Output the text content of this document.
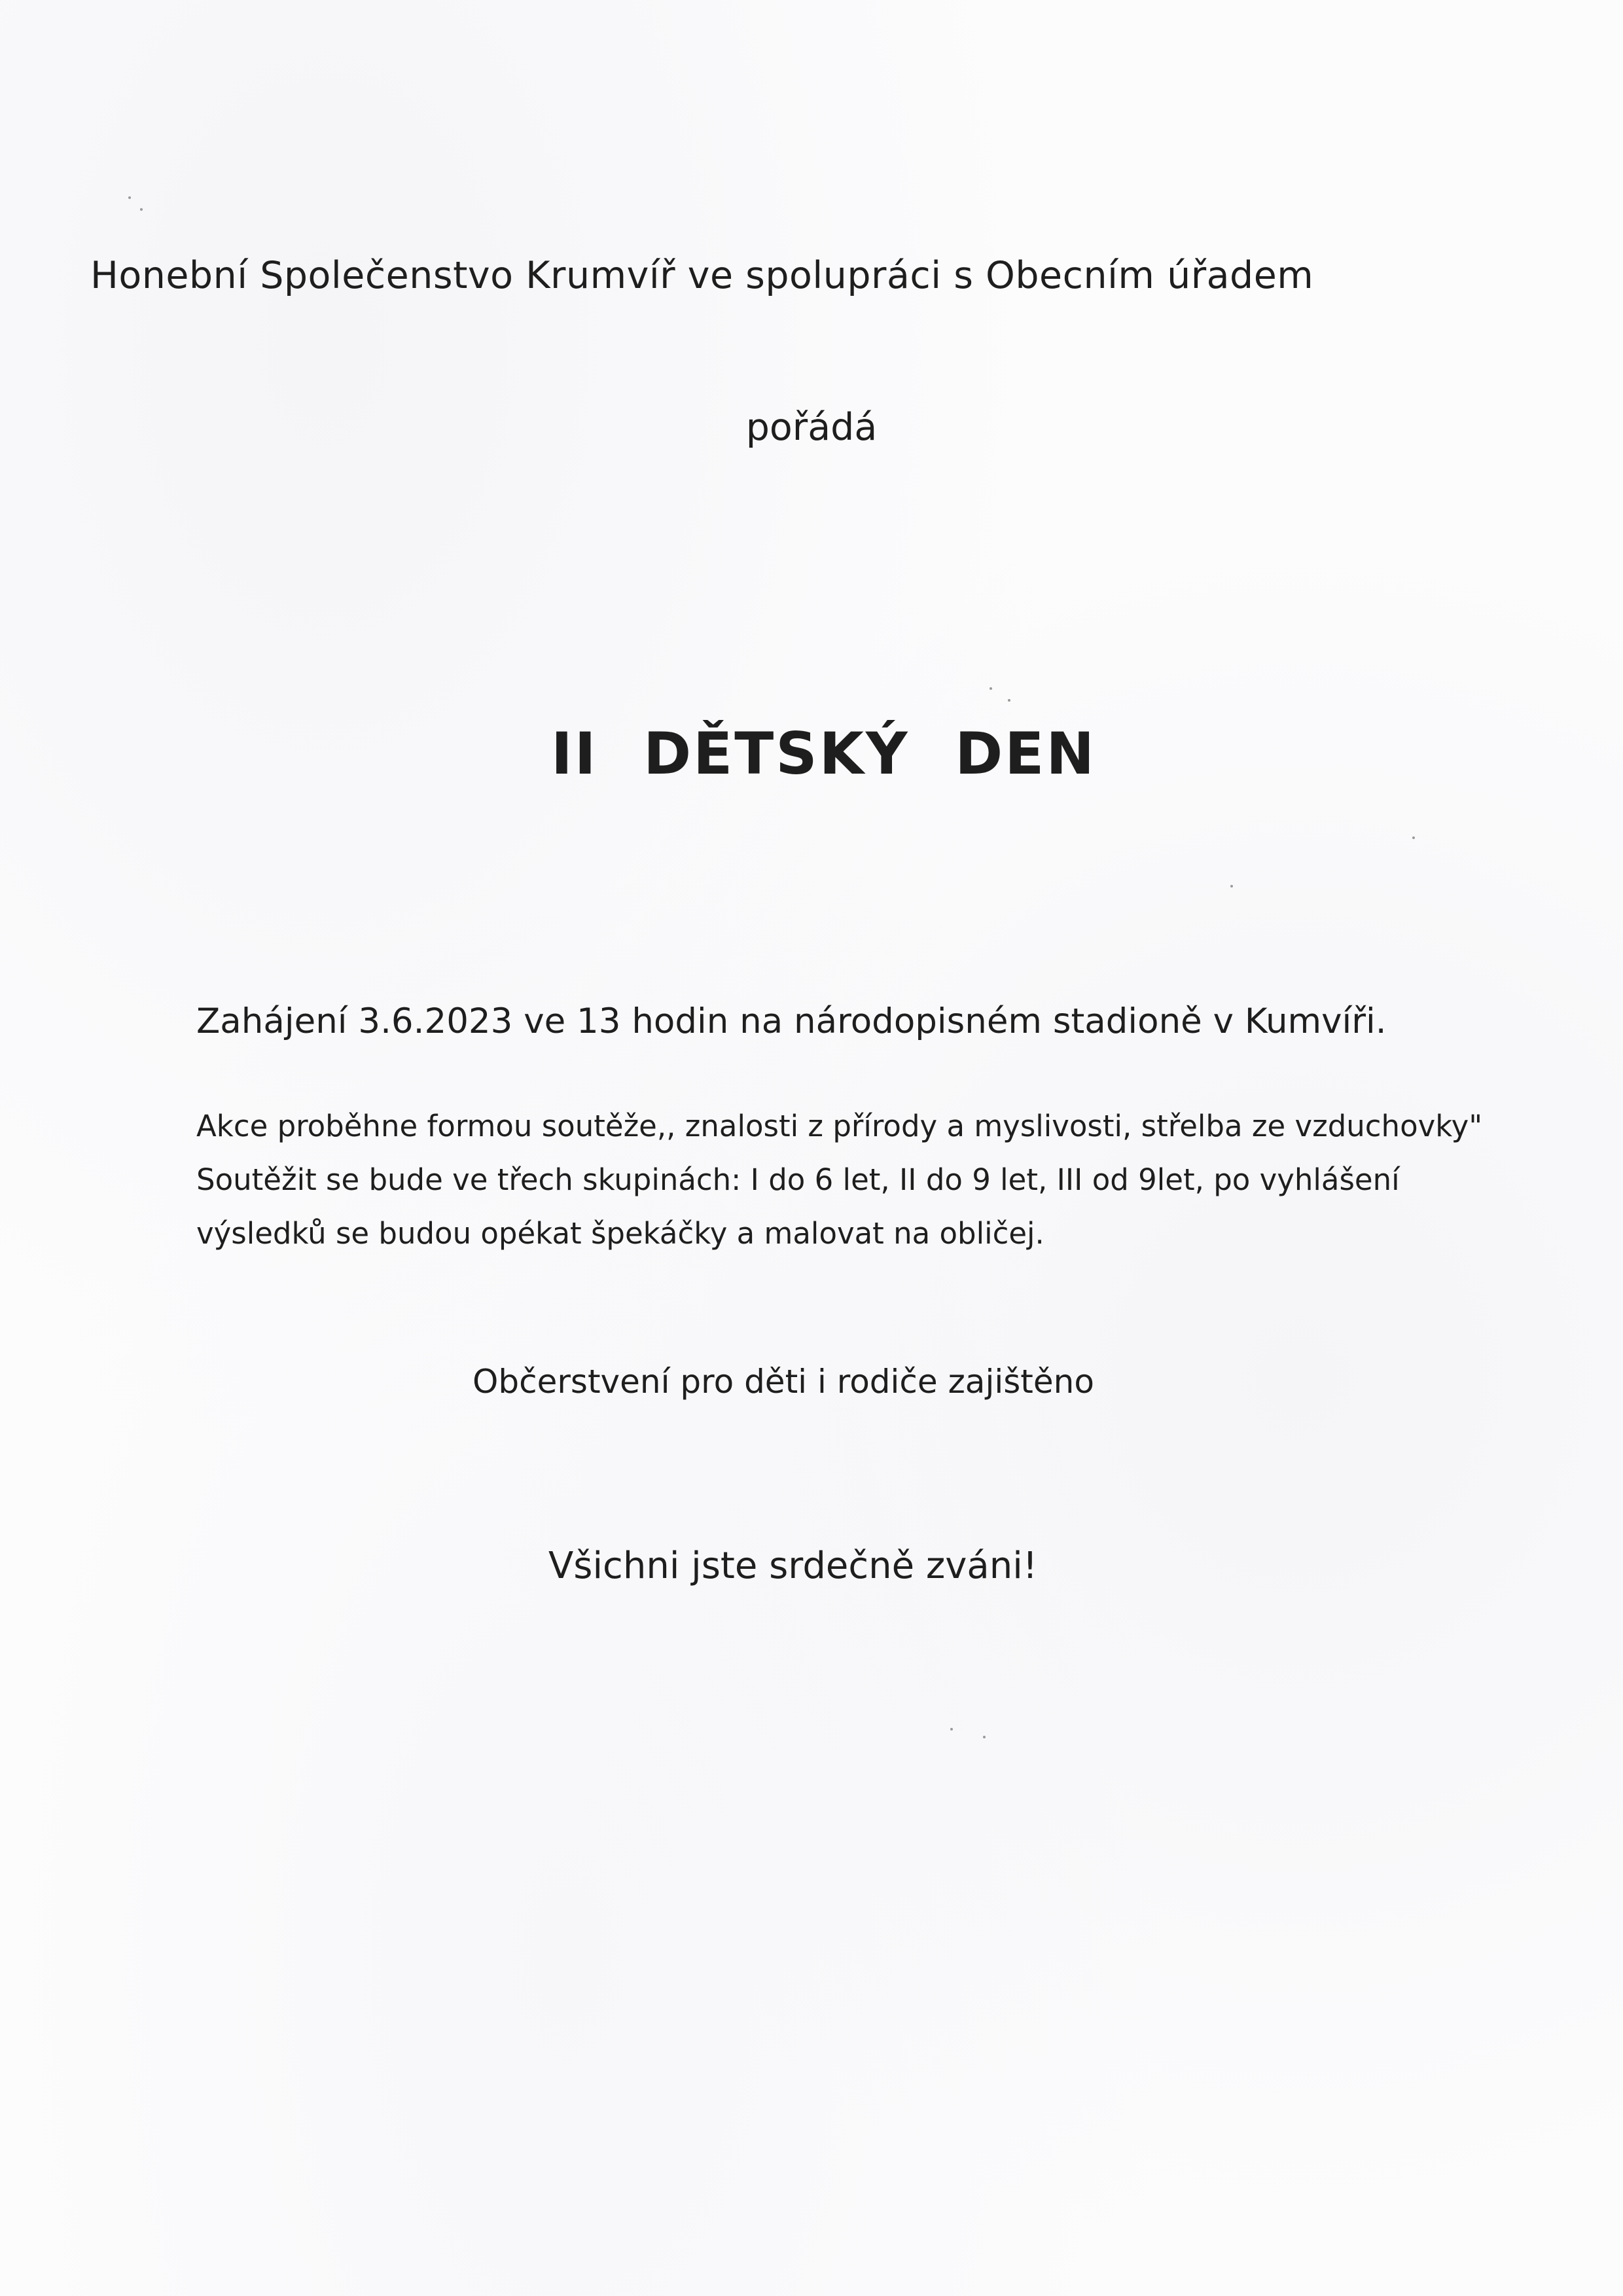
Honební Společenstvo Krumvíř ve spolupráci s Obecním úřadem

pořádá

II DĚTSKÝ DEN

Zahájení 3.6.2023 ve 13 hodin na národopisném stadioně v Kumvíři.

Akce proběhne formou soutěže,, znalosti z přírody a myslivosti, střelba ze vzduchovky"

Soutěžit se bude ve třech skupinách: I do 6 let, II do 9 let, III od 9let, po vyhlášení

výsledků se budou opékat špekáčky a malovat na obličej.

Občerstvení pro děti i rodiče zajištěno

Všichni jste srdečně zváni!
